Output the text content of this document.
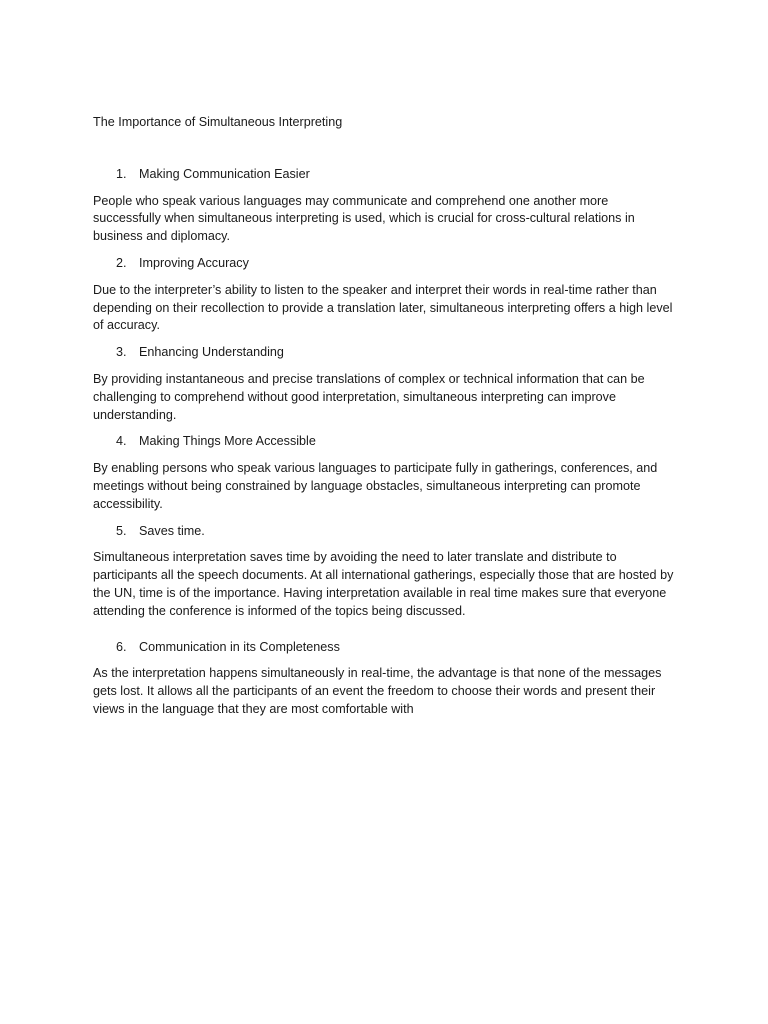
The Importance of Simultaneous Interpreting
1. Making Communication Easier

People who speak various languages may communicate and comprehend one another more successfully when simultaneous interpreting is used, which is crucial for cross-cultural relations in business and diplomacy.

2. Improving Accuracy

Due to the interpreter’s ability to listen to the speaker and interpret their words in real-time rather than depending on their recollection to provide a translation later, simultaneous interpreting offers a high level of accuracy.

3. Enhancing Understanding

By providing instantaneous and precise translations of complex or technical information that can be challenging to comprehend without good interpretation, simultaneous interpreting can improve understanding.

4. Making Things More Accessible

By enabling persons who speak various languages to participate fully in gatherings, conferences, and meetings without being constrained by language obstacles, simultaneous interpreting can promote accessibility.

5. Saves time.

Simultaneous interpretation saves time by avoiding the need to later translate and distribute to participants all the speech documents. At all international gatherings, especially those that are hosted by the UN, time is of the importance. Having interpretation available in real time makes sure that everyone attending the conference is informed of the topics being discussed.

6. Communication in its Completeness

As the interpretation happens simultaneously in real-time, the advantage is that none of the messages gets lost. It allows all the participants of an event the freedom to choose their words and present their views in the language that they are most comfortable with
